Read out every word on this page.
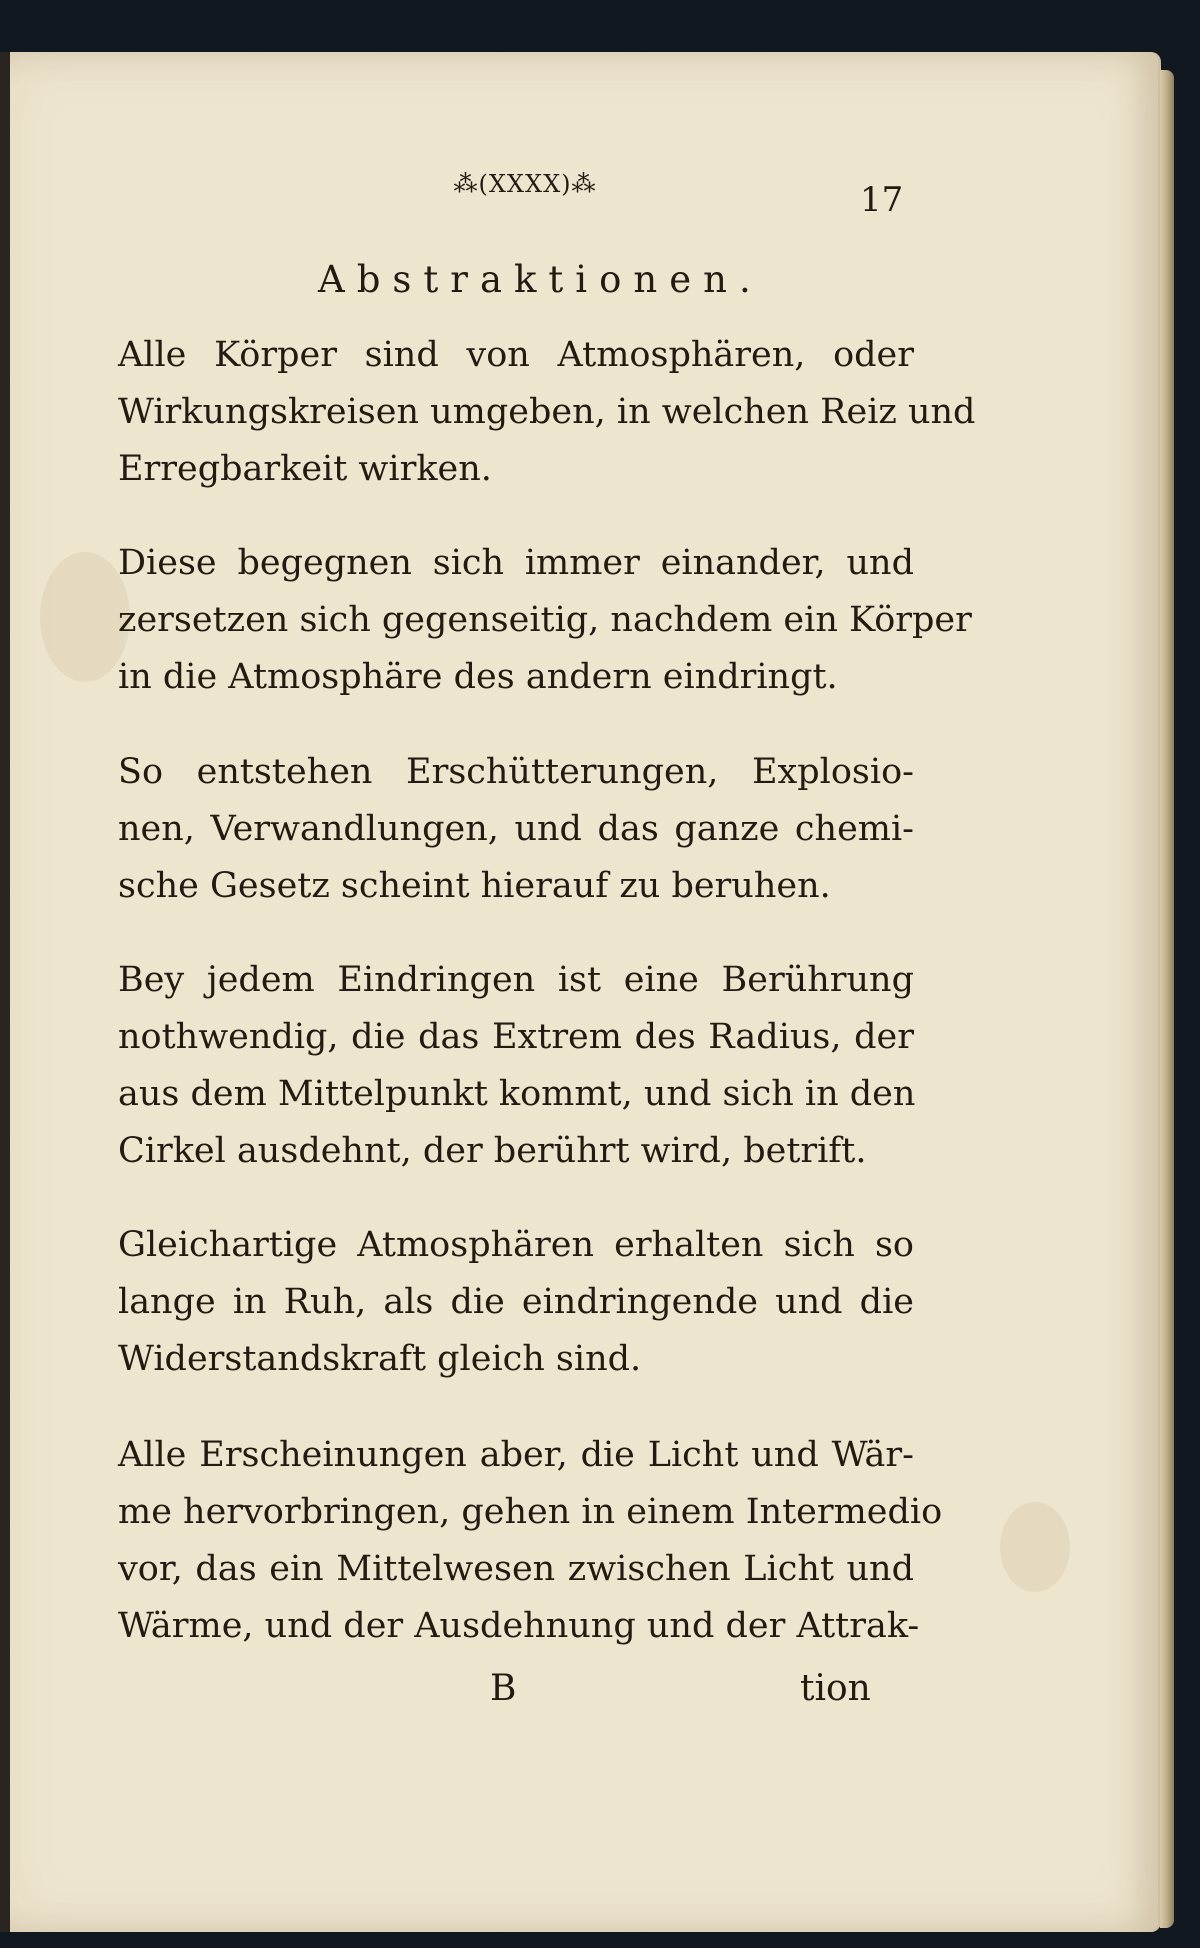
⁂(XXXX)⁂	17
Abstraktionen.
Alle Körper sind von Atmosphären, oder
Wirkungskreisen umgeben, in welchen Reiz und
Erregbarkeit wirken.
Diese begegnen sich immer einander, und
zersetzen sich gegenseitig, nachdem ein Körper
in die Atmosphäre des andern eindringt.
So entstehen Erschütterungen, Explosio-
nen, Verwandlungen, und das ganze chemi-
sche Gesetz scheint hierauf zu beruhen.
Bey jedem Eindringen ist eine Berührung
nothwendig, die das Extrem des Radius, der
aus dem Mittelpunkt kommt, und sich in den
Cirkel ausdehnt, der berührt wird, betrift.
Gleichartige Atmosphären erhalten sich so
lange in Ruh, als die eindringende und die
Widerstandskraft gleich sind.
Alle Erscheinungen aber, die Licht und Wär-
me hervorbringen, gehen in einem Intermedio
vor, das ein Mittelwesen zwischen Licht und
Wärme, und der Ausdehnung und der Attrak-
B	tion
